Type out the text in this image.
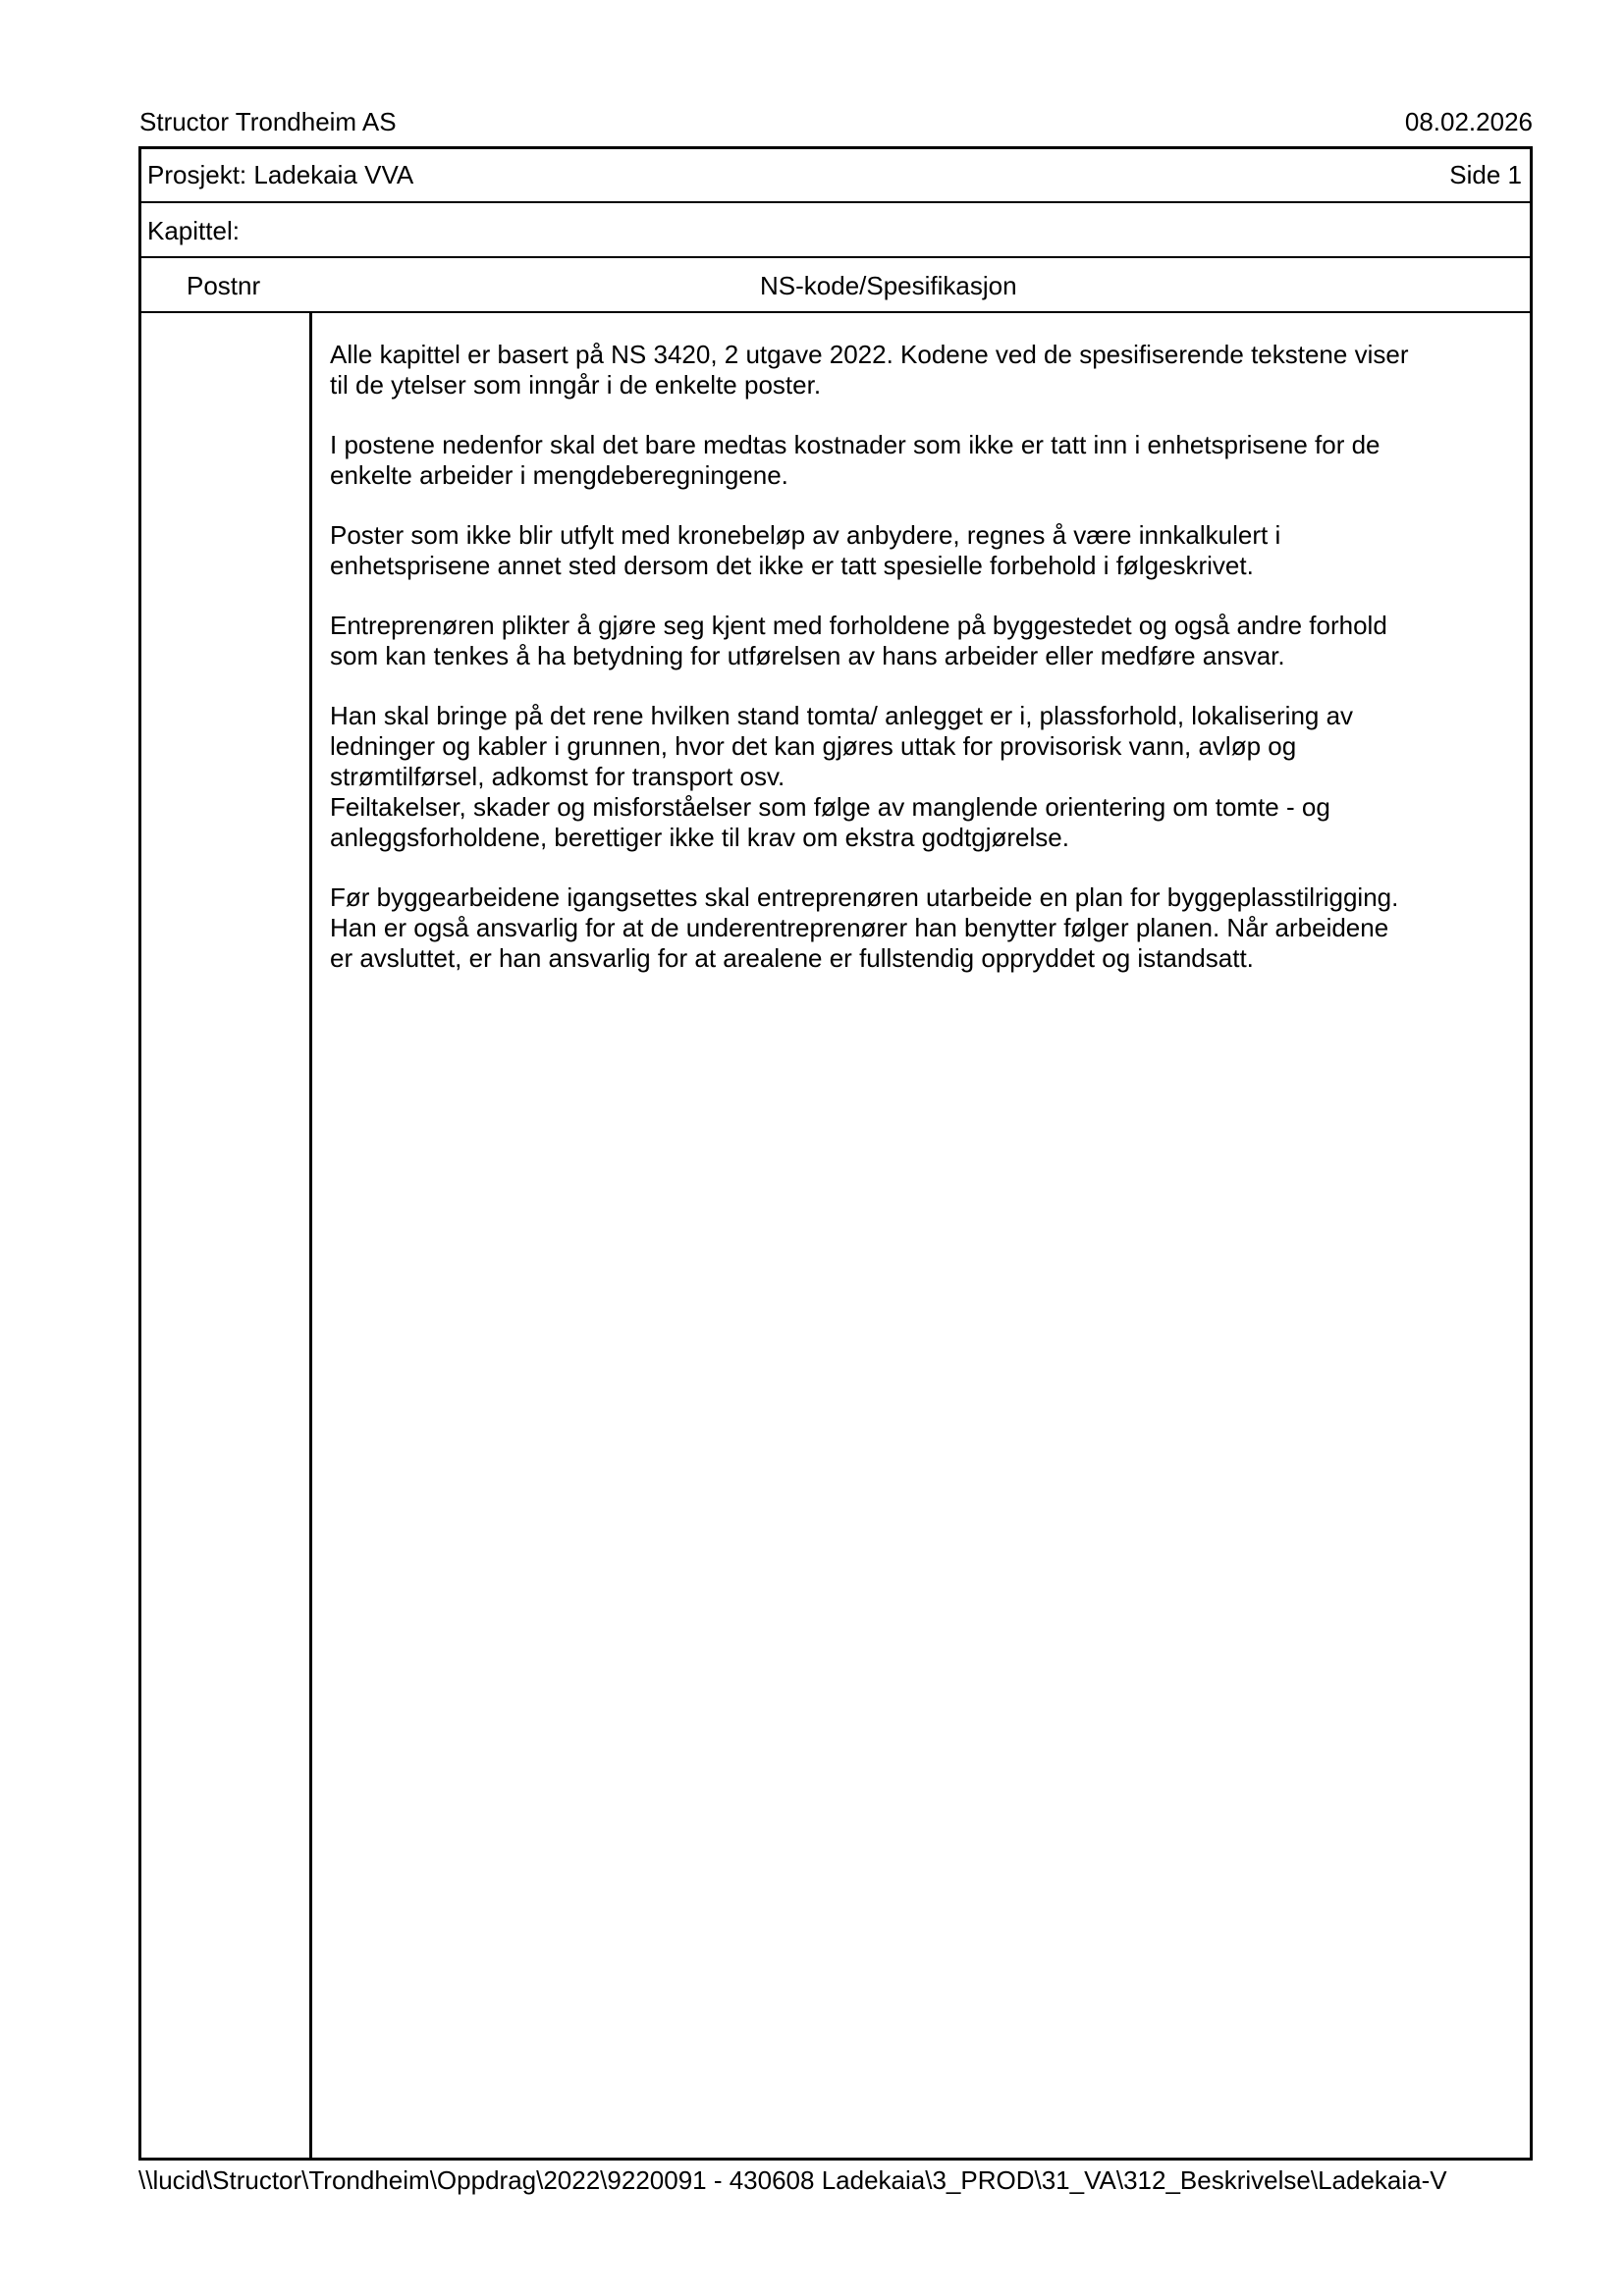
Structor Trondheim AS	08.02.2026
Prosjekt: Ladekaia VVA	Side 1
Kapittel:
Postnr	NS-kode/Spesifikasjon

Alle kapittel er basert på NS 3420, 2 utgave 2022. Kodene ved de spesifiserende tekstene viser
til de ytelser som inngår i de enkelte poster.

I postene nedenfor skal det bare medtas kostnader som ikke er tatt inn i enhetsprisene for de
enkelte arbeider i mengdeberegningene.

Poster som ikke blir utfylt med kronebeløp av anbydere, regnes å være innkalkulert i
enhetsprisene annet sted dersom det ikke er tatt spesielle forbehold i følgeskrivet.

Entreprenøren plikter å gjøre seg kjent med forholdene på byggestedet og også andre forhold
som kan tenkes å ha betydning for utførelsen av hans arbeider eller medføre ansvar.

Han skal bringe på det rene hvilken stand tomta/ anlegget er i, plassforhold, lokalisering av
ledninger og kabler i grunnen, hvor det kan gjøres uttak for provisorisk vann, avløp og
strømtilførsel, adkomst for transport osv.
Feiltakelser, skader og misforståelser som følge av manglende orientering om tomte - og
anleggsforholdene, berettiger ikke til krav om ekstra godtgjørelse.

Før byggearbeidene igangsettes skal entreprenøren utarbeide en plan for byggeplasstilrigging.
Han er også ansvarlig for at de underentreprenører han benytter følger planen. Når arbeidene
er avsluttet, er han ansvarlig for at arealene er fullstendig oppryddet og istandsatt.

\\lucid\Structor\Trondheim\Oppdrag\2022\9220091 - 430608 Ladekaia\3_PROD\31_VA\312_Beskrivelse\Ladekaia-V
